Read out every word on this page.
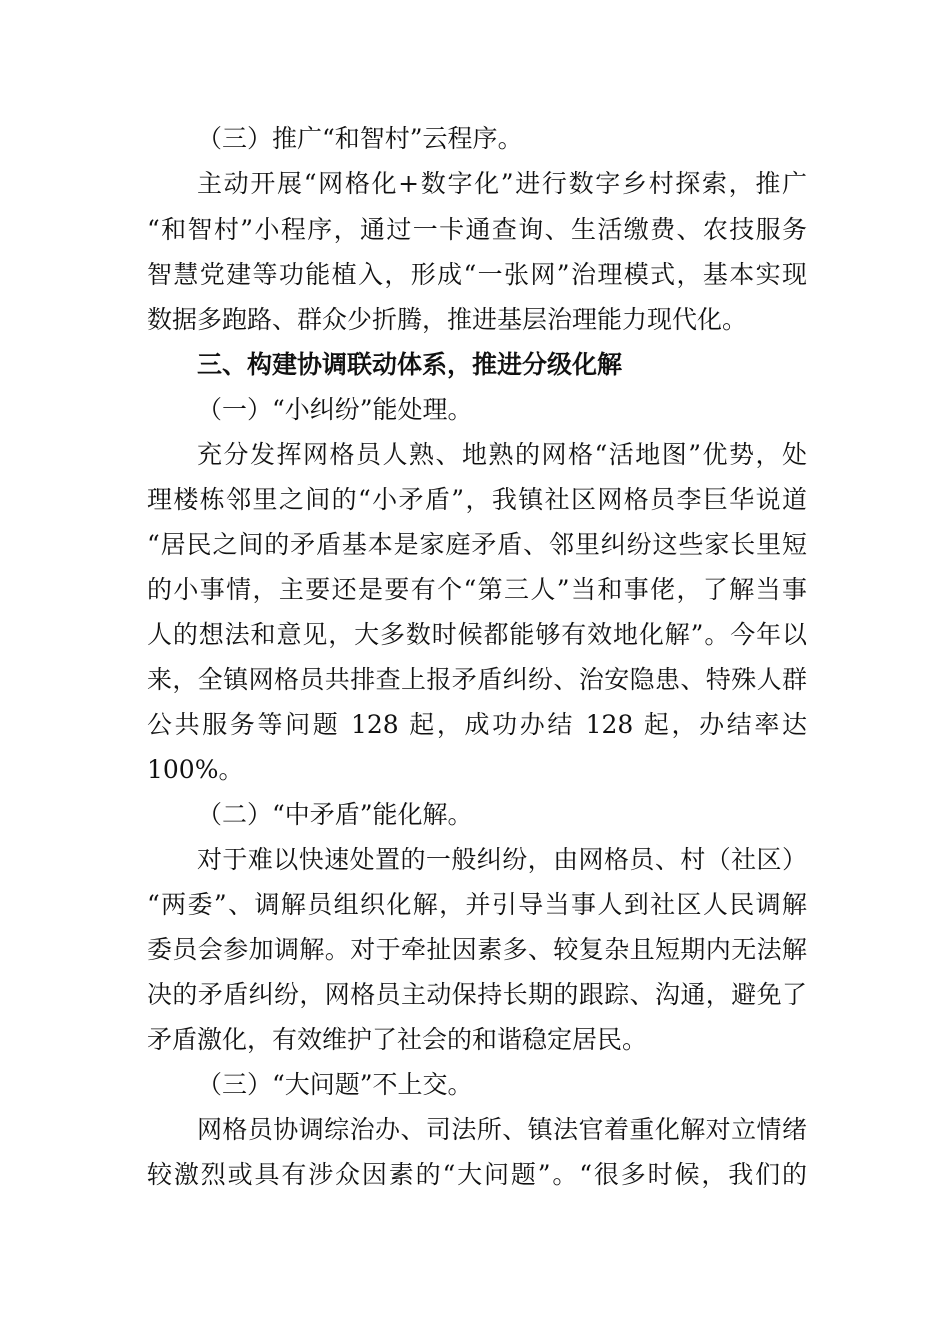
（三）推广“和智村”云程序。
主动开展“网格化+数字化”进行数字乡村探索，推广
“和智村”小程序，通过一卡通查询、生活缴费、农技服务
智慧党建等功能植入，形成“一张网”治理模式，基本实现
数据多跑路、群众少折腾，推进基层治理能力现代化。
三、构建协调联动体系，推进分级化解
（一）“小纠纷”能处理。
充分发挥网格员人熟、地熟的网格“活地图”优势，处
理楼栋邻里之间的“小矛盾”，我镇社区网格员李巨华说道
“居民之间的矛盾基本是家庭矛盾、邻里纠纷这些家长里短
的小事情，主要还是要有个“第三人”当和事佬，了解当事
人的想法和意见，大多数时候都能够有效地化解”。今年以
来，全镇网格员共排查上报矛盾纠纷、治安隐患、特殊人群
公共服务等问题 128 起，成功办结 128 起，办结率达
100%。
（二）“中矛盾”能化解。
对于难以快速处置的一般纠纷，由网格员、村（社区）
“两委”、调解员组织化解，并引导当事人到社区人民调解
委员会参加调解。对于牵扯因素多、较复杂且短期内无法解
决的矛盾纠纷，网格员主动保持长期的跟踪、沟通，避免了
矛盾激化，有效维护了社会的和谐稳定居民。
（三）“大问题”不上交。
网格员协调综治办、司法所、镇法官着重化解对立情绪
较激烈或具有涉众因素的“大问题”。“很多时候，我们的
